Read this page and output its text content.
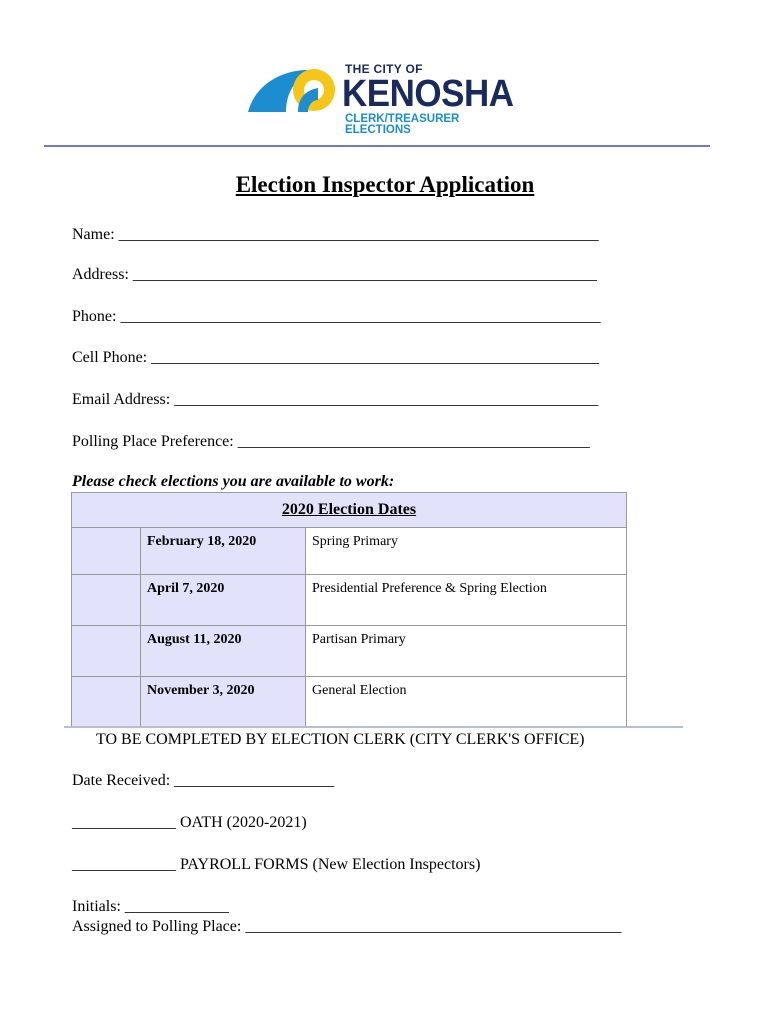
THE CITY OF
KENOSHA
CLERK/TREASURER
ELECTIONS
Election Inspector Application
Name: ____________________________________________________________
Address: __________________________________________________________
Phone: ____________________________________________________________
Cell Phone: ________________________________________________________
Email Address: _____________________________________________________
Polling Place Preference: ____________________________________________
Please check elections you are available to work:
2020 Election Dates		
	February 18, 2020	Spring Primary
	April 7, 2020	Presidential Preference & Spring Election
	August 11, 2020	Partisan Primary
	November 3, 2020	General Election
TO BE COMPLETED BY ELECTION CLERK (CITY CLERK'S OFFICE)
Date Received: ____________________
_____________ OATH (2020-2021)
_____________ PAYROLL FORMS (New Election Inspectors)
Initials: _____________
Assigned to Polling Place: _______________________________________________
